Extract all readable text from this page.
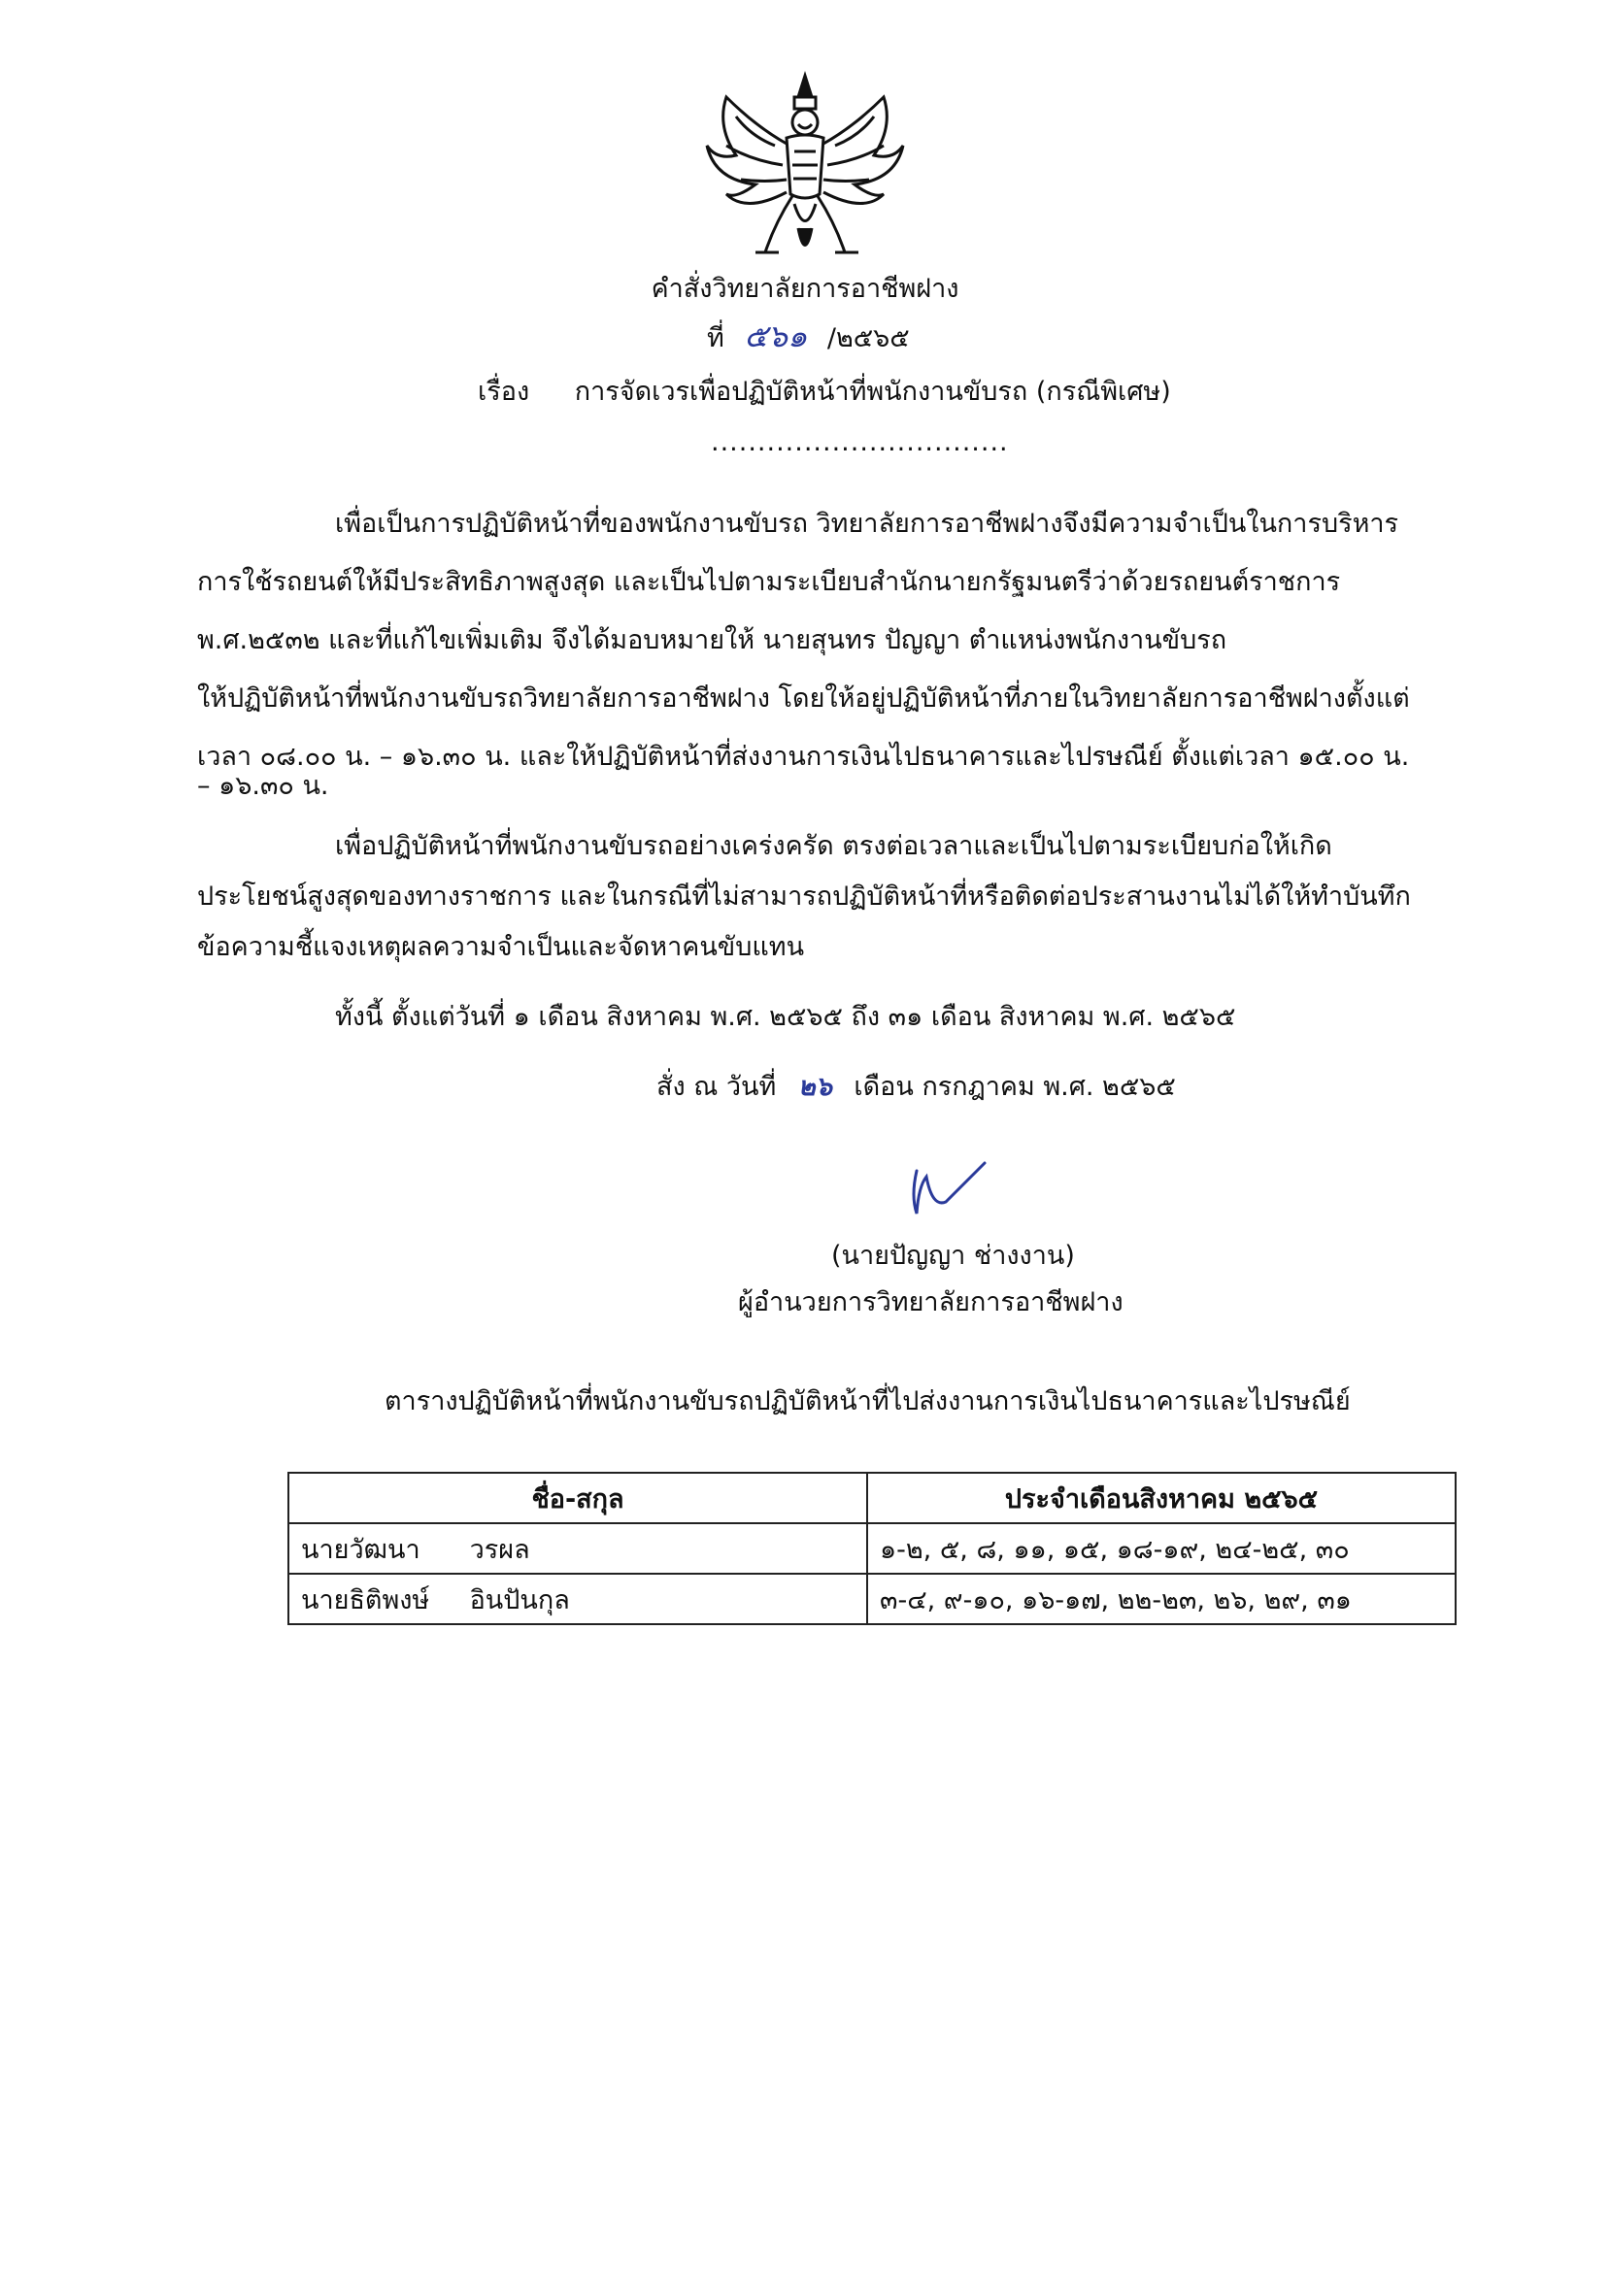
คำสั่งวิทยาลัยการอาชีพฝาง
ที่ ๕๖๑ /๒๕๖๕
เรื่อง การจัดเวรเพื่อปฏิบัติหน้าที่พนักงานขับรถ (กรณีพิเศษ)
................................
เพื่อเป็นการปฏิบัติหน้าที่ของพนักงานขับรถ วิทยาลัยการอาชีพฝางจึงมีความจำเป็นในการบริหาร
การใช้รถยนต์ให้มีประสิทธิภาพสูงสุด และเป็นไปตามระเบียบสำนักนายกรัฐมนตรีว่าด้วยรถยนต์ราชการ
พ.ศ.๒๕๓๒ และที่แก้ไขเพิ่มเติม จึงได้มอบหมายให้ นายสุนทร ปัญญา ตำแหน่งพนักงานขับรถ
ให้ปฏิบัติหน้าที่พนักงานขับรถวิทยาลัยการอาชีพฝาง โดยให้อยู่ปฏิบัติหน้าที่ภายในวิทยาลัยการอาชีพฝางตั้งแต่
เวลา ๐๘.๐๐ น. – ๑๖.๓๐ น. และให้ปฏิบัติหน้าที่ส่งงานการเงินไปธนาคารและไปรษณีย์ ตั้งแต่เวลา ๑๕.๐๐ น.
– ๑๖.๓๐ น.
เพื่อปฏิบัติหน้าที่พนักงานขับรถอย่างเคร่งครัด ตรงต่อเวลาและเป็นไปตามระเบียบก่อให้เกิด
ประโยชน์สูงสุดของทางราชการ และในกรณีที่ไม่สามารถปฏิบัติหน้าที่หรือติดต่อประสานงานไม่ได้ให้ทำบันทึก
ข้อความชี้แจงเหตุผลความจำเป็นและจัดหาคนขับแทน
ทั้งนี้ ตั้งแต่วันที่ ๑ เดือน สิงหาคม พ.ศ. ๒๕๖๕ ถึง ๓๑ เดือน สิงหาคม พ.ศ. ๒๕๖๕
สั่ง ณ วันที่ ๒๖ เดือน กรกฎาคม พ.ศ. ๒๕๖๕
(นายปัญญา ช่างงาน)
ผู้อำนวยการวิทยาลัยการอาชีพฝาง
ตารางปฏิบัติหน้าที่พนักงานขับรถปฏิบัติหน้าที่ไปส่งงานการเงินไปธนาคารและไปรษณีย์
ชื่อ-สกุล	ประจำเดือนสิงหาคม ๒๕๖๕
นายวัฒนา วรผล	๑-๒, ๕, ๘, ๑๑, ๑๕, ๑๘-๑๙, ๒๔-๒๕, ๓๐
นายธิติพงษ์ อินปันกุล	๓-๔, ๙-๑๐, ๑๖-๑๗, ๒๒-๒๓, ๒๖, ๒๙, ๓๑
